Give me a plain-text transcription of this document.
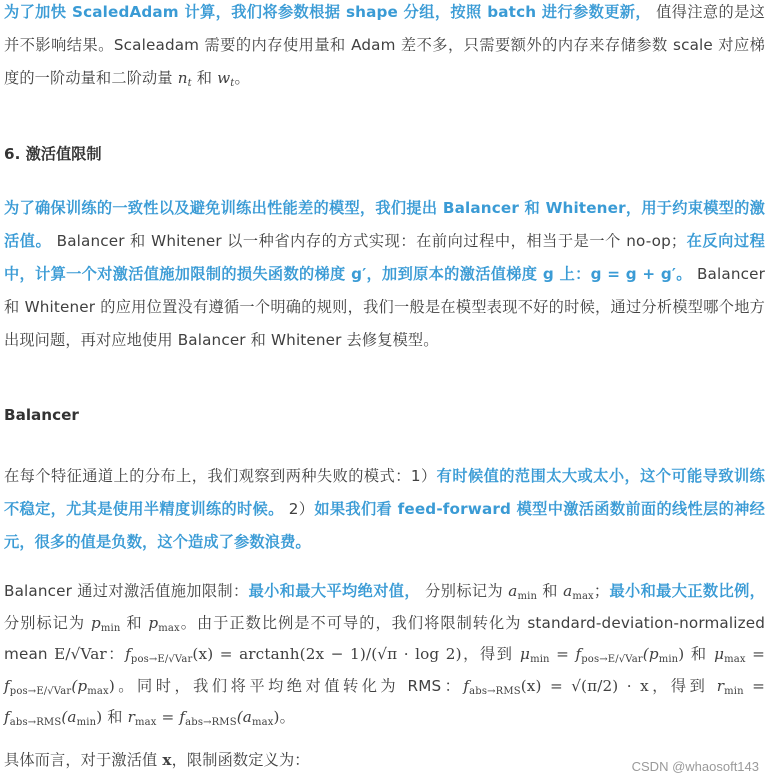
为了加快 ScaledAdam 计算，我们将参数根据 shape 分组，按照 batch 进行参数更新， 值得注意的是这并不影响结果。Scaleadam 需要的内存使用量和 Adam 差不多，只需要额外的内存来存储参数 scale 对应梯度的一阶动量和二阶动量 $n_t$ 和 $w_t$。

6. 激活值限制

为了确保训练的一致性以及避免训练出性能差的模型，我们提出 Balancer 和 Whitener，用于约束模型的激活值。 Balancer 和 Whitener 以一种省内存的方式实现：在前向过程中，相当于是一个 no-op；在反向过程中，计算一个对激活值施加限制的损失函数的梯度 g′，加到原本的激活值梯度 g 上：g = g + g′。 Balancer 和 Whitener 的应用位置没有遵循一个明确的规则，我们一般是在模型表现不好的时候，通过分析模型哪个地方出现问题，再对应地使用 Balancer 和 Whitener 去修复模型。

Balancer

在每个特征通道上的分布上，我们观察到两种失败的模式：1）有时候值的范围太大或太小，这个可能导致训练不稳定，尤其是使用半精度训练的时候。 2）如果我们看 feed-forward 模型中激活函数前面的线性层的神经元，很多的值是负数，这个造成了参数浪费。

Balancer 通过对激活值施加限制：最小和最大平均绝对值， 分别标记为 $a_{min}$ 和 $a_{max}$；最小和最大正数比例， 分别标记为 $p_{min}$ 和 $p_{max}$。由于正数比例是不可导的，我们将限制转化为 standard-deviation-normalized mean E/√Var：$f_{pos\to E/√Var}(x) = \arctan h(2x - 1)/(√\pi \cdot \log 2)$，得到 $\mu_{min} = f_{pos\to E/√Var}(p_{min})$ 和 $\mu_{max} = f_{pos\to E/√Var}(p_{max})$。同时，我们将平均绝对值转化为 RMS：$f_{abs\to RMS}(x) = √(\pi/2) \cdot x$，得到 $r_{min} = f_{abs\to RMS}(a_{min})$ 和 $r_{max} = f_{abs\to RMS}(a_{max})$。

具体而言，对于激活值 x，限制函数定义为：	CSDN @whaosoft143
